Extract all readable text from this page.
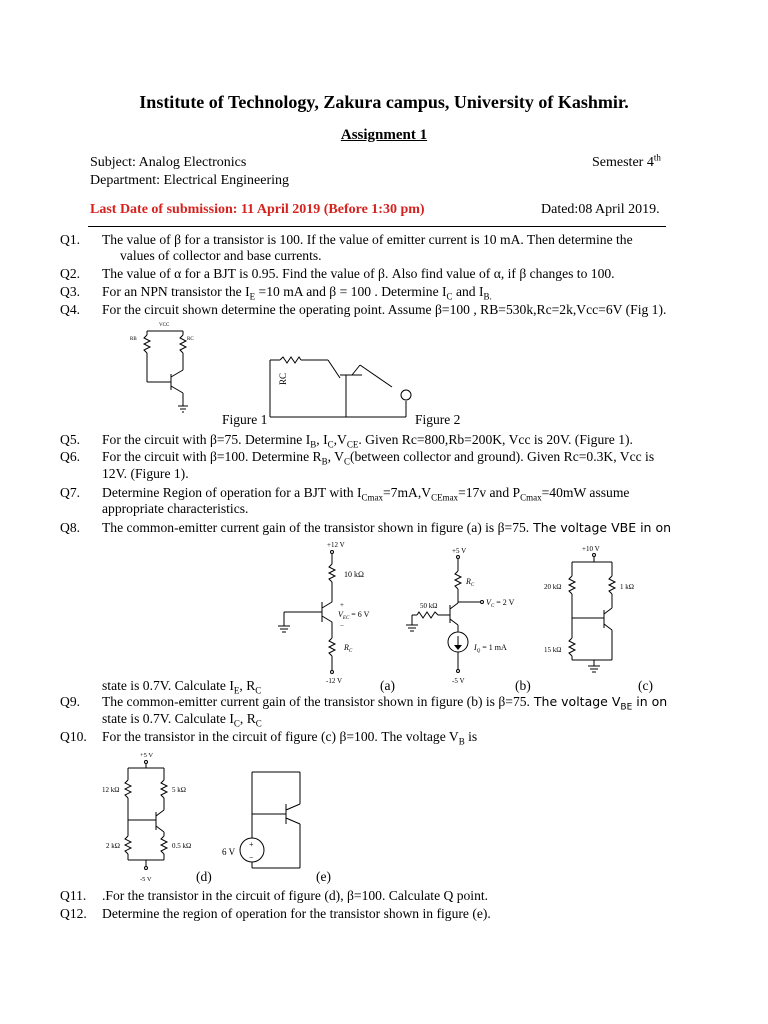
Institute of Technology, Zakura campus, University of Kashmir.
Assignment 1
Subject: Analog Electronics	Semester 4th
Department: Electrical Engineering
Last Date of submission: 11 April 2019 (Before 1:30 pm)	Dated:08 April 2019.
Q1.	The value of β for a transistor is 100. If the value of emitter current is 10 mA. Then determine the
values of collector and base currents.
Q2.	The value of α for a BJT is 0.95. Find the value of β. Also find value of α, if β changes to 100.
Q3.	For an NPN transistor the $I_E =10$ mA and β = 100 . Determine $I_C$ and $I_{B.}$
Q4.	For the circuit shown determine the operating point. Assume β=100 , RB=530k,Rc=2k,Vcc=6V (Fig 1).
VCC
RB	RC
RC
Figure 1	Figure 2
Q5.	For the circuit with β=75. Determine $I_B$, $I_C,V_{CE}$. Given Rc=800,Rb=200K, Vcc is 20V. (Figure 1).
Q6.	For the circuit with β=100. Determine $R_B$, $V_C(between$ collector and ground). Given Rc=0.3K, Vcc is
12V. (Figure 1).
Q7.	Determine Region of operation for a BJT with $I_{Cmax}=7mA,V_{CEmax}=17v$ and $P_{Cmax}=40mW$ assume
appropriate characteristics.
Q8.	The common-emitter current gain of the transistor shown in figure (a) is β=75. The voltage VBE in on
+12 V
10 kΩ
+
$V_{EC} = 6$ V
−
$R_C$
-12 V
+5 V
$R_C$
$V_C = 2$ V
50 kΩ
$I_Q = 1$ mA
-5 V
+10 V
20 kΩ	1 kΩ
15 kΩ
(a)	(b)	(c)
state is 0.7V. Calculate $I_E$, $R_C$
Q9.	The common-emitter current gain of the transistor shown in figure (b) is β=75. The voltage $V_{BE}$ in on
state is 0.7V. Calculate $I_C$, $R_C$
Q10.	For the transistor in the circuit of figure (c) β=100. The voltage $V_B$ is
+5 V
12 kΩ	5 kΩ
2 kΩ	0.5 kΩ
-5 V
6 V
+
−
(d)	(e)
Q11.	.For the transistor in the circuit of figure (d), β=100. Calculate Q point.
Q12.	Determine the region of operation for the transistor shown in figure (e).
